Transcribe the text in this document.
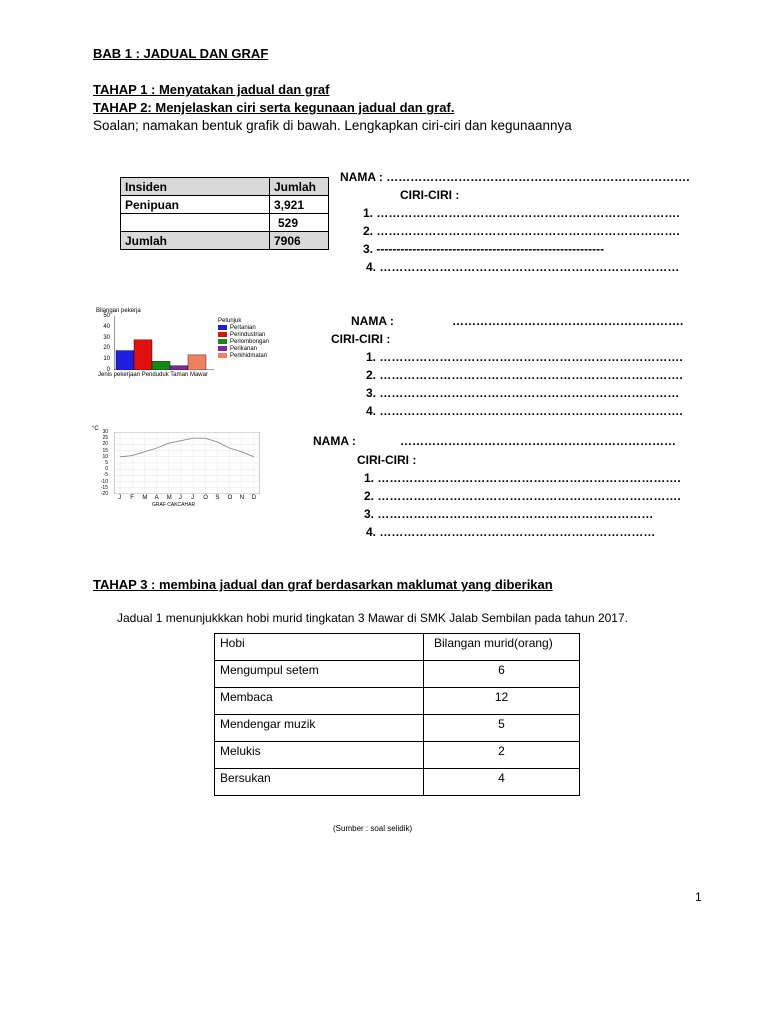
BAB 1 : JADUAL DAN GRAF
TAHAP 1 : Menyatakan jadual dan graf
TAHAP 2: Menjelaskan ciri serta kegunaan jadual dan graf.
Soalan; namakan bentuk grafik di bawah. Lengkapkan ciri-ciri dan kegunaannya
Insiden	Jumlah
Penipuan	3,921
	529
Jumlah	7906
NAMA : ………………………………………………………………….
CIRI-CIRI :
1. ………………………………………………………………….
2. ………………………………………………………………….
3. ---------------------------------------------------------
4. …………………………………………………………………
Bilangan pekerja
0
10
20
30
40
50
Jenis pekerjaan Penduduk Taman Mawar
Petunjuk
Pertanian
Perindustrian
Perlombongan
Perikanan
Perkhidmatan
NAMA :	………………………………………………….
CIRI-CIRI :
1. ………………………………………………………………….
2. ………………………………………………………………….
3. …………………………………………………………………
4. ………………………………………………………………….
°C 30
25
20
15
10
5
0
-5
-10
-15
-20
J F M A M J J O S O N D
GRAF CAKCAHAR
NAMA :	……………………………………………………………
CIRI-CIRI :
1. ………………………………………………………………….
2. ………………………………………………………………….
3. ……………………………………………………………
4. ……………………………………………………………
TAHAP 3 : membina jadual dan graf berdasarkan maklumat yang diberikan
Jadual 1 menunjukkkan hobi murid tingkatan 3 Mawar di SMK Jalab Sembilan pada tahun 2017.
Hobi	Bilangan murid(orang)
Mengumpul setem	6
Membaca	12
Mendengar muzik	5
Melukis	2
Bersukan	4
(Sumber : soal selidik)
1
